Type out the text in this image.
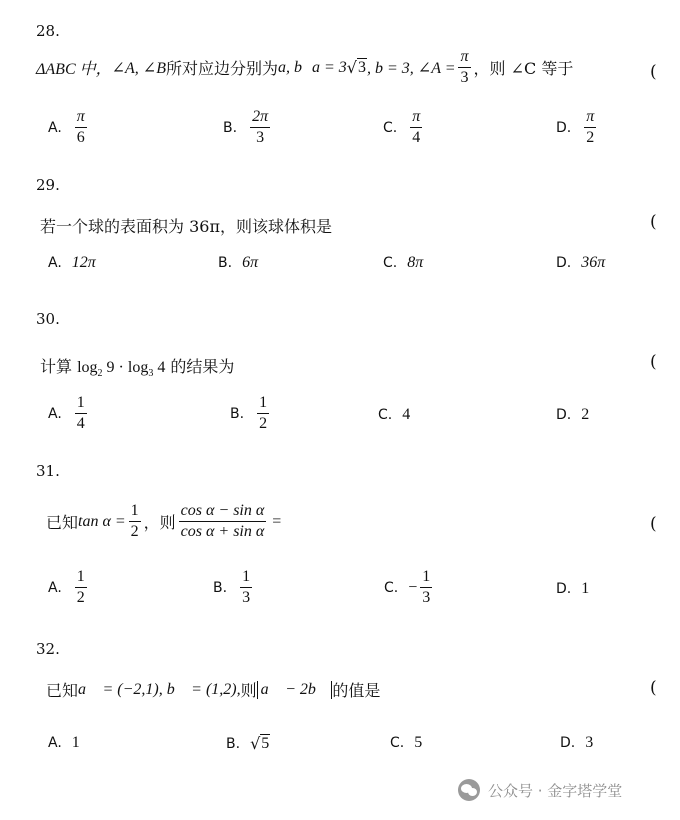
28.
ΔABC 中， ∠A, ∠B 所对应边分别为 a, b a = 3 √ 3 , b = 3, ∠A = $\frac{\pi}{3}$ ，则 ∠C 等于	(
A. $\frac{\pi}{6}$	B. $\frac{2\pi}{3}$	C. $\frac{\pi}{4}$	D. $\frac{\pi}{2}$
29.
若一个球的表面积为 36π，则该球体积是	(
A. 12π	B. 6π	C. 8π	D. 36π
30.
计算 $\log_2 9 \cdot \log_3 4$ 的结果为	(
A. $\frac{1}{4}$	B. $\frac{1}{2}$	C. 4	D. 2
31.
已知 $\tan \alpha = \frac{1}{2}$ ，则 $\frac{\text{cos α − sin α}}{\text{cos α + sin α}}$ =	(
A. $\frac{1}{2}$	B. $\frac{1}{3}$	C. − $\frac{1}{3}$	D. 1
32.
已知 a⃗ = (−2,1), b⃗ = (1,2), 则 a⃗ − 2b⃗ 的值是	(
A. 1	B. √ 5	C. 5	D. 3
公众号 · 金字塔学堂
